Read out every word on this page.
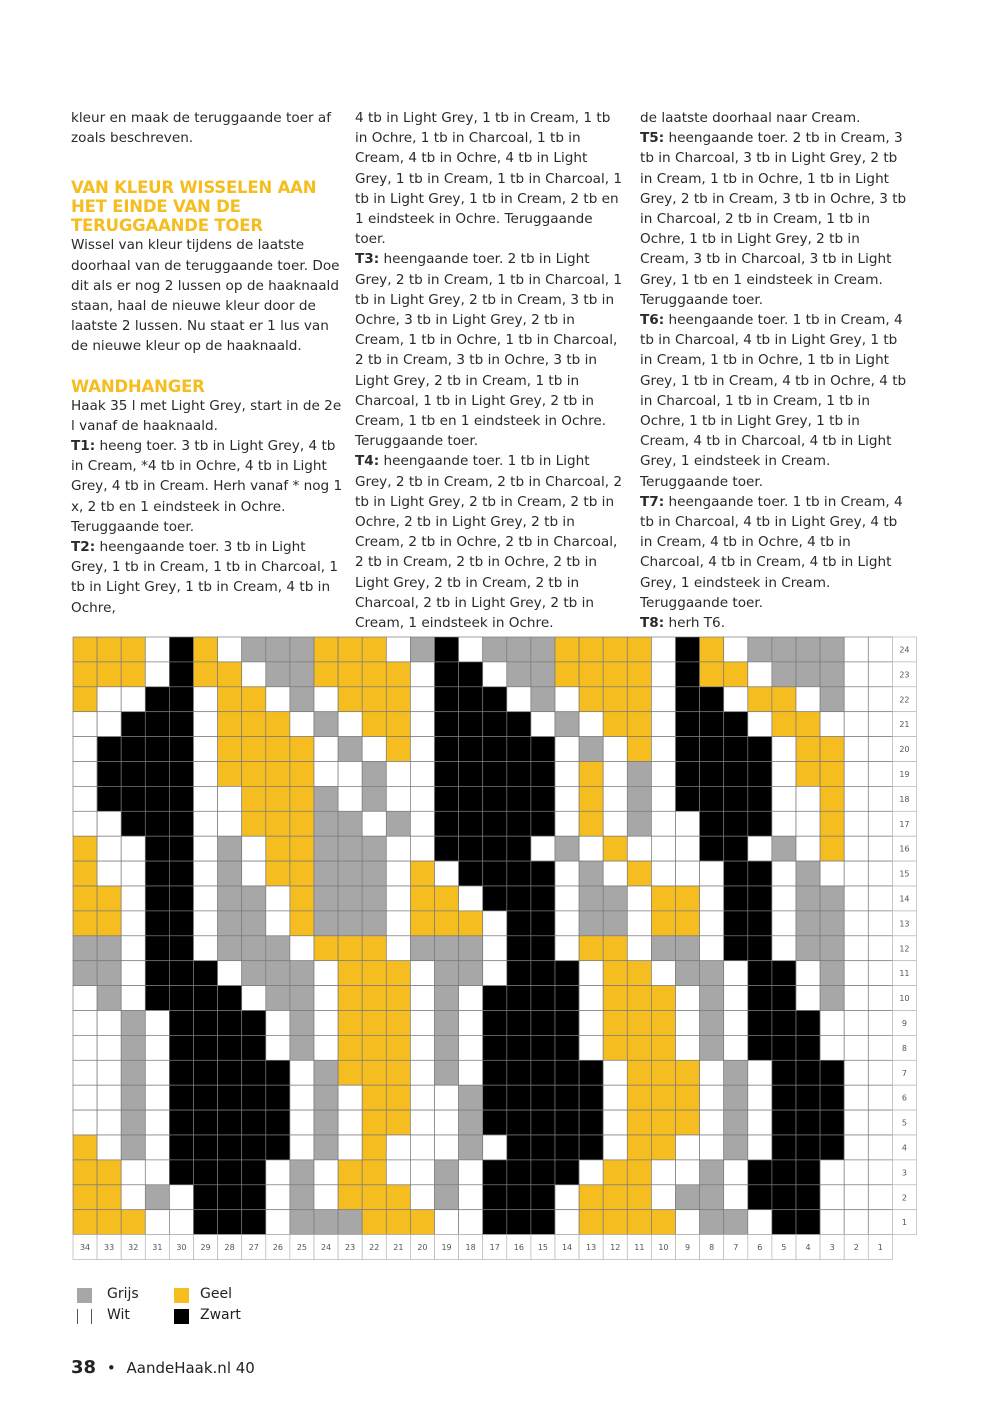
kleur en maak de teruggaande toer af zoals beschreven.

VAN KLEUR WISSELEN AAN HET EINDE VAN DE TERUGGAANDE TOER

Wissel van kleur tijdens de laatste doorhaal van de teruggaande toer. Doe dit als er nog 2 lussen op de haaknaald staan, haal de nieuwe kleur door de laatste 2 lussen. Nu staat er 1 lus van de nieuwe kleur op de haaknaald.

WANDHANGER

Haak 35 l met Light Grey, start in de 2e l vanaf de haaknaald.

T1: heeng toer. 3 tb in Light Grey, 4 tb in Cream, *4 tb in Ochre, 4 tb in Light Grey, 4 tb in Cream. Herh vanaf * nog 1 x, 2 tb en 1 eindsteek in Ochre. Teruggaande toer.

T2: heengaande toer. 3 tb in Light Grey, 1 tb in Cream, 1 tb in Charcoal, 1 tb in Light Grey, 1 tb in Cream, 4 tb in Ochre,

4 tb in Light Grey, 1 tb in Cream, 1 tb in Ochre, 1 tb in Charcoal, 1 tb in Cream, 4 tb in Ochre, 4 tb in Light Grey, 1 tb in Cream, 1 tb in Charcoal, 1 tb in Light Grey, 1 tb in Cream, 2 tb en 1 eindsteek in Ochre. Teruggaande toer.

T3: heengaande toer. 2 tb in Light Grey, 2 tb in Cream, 1 tb in Charcoal, 1 tb in Light Grey, 2 tb in Cream, 3 tb in Ochre, 3 tb in Light Grey, 2 tb in Cream, 1 tb in Ochre, 1 tb in Charcoal, 2 tb in Cream, 3 tb in Ochre, 3 tb in Light Grey, 2 tb in Cream, 1 tb in Charcoal, 1 tb in Light Grey, 2 tb in Cream, 1 tb en 1 eindsteek in Ochre. Teruggaande toer.

T4: heengaande toer. 1 tb in Light Grey, 2 tb in Cream, 2 tb in Charcoal, 2 tb in Light Grey, 2 tb in Cream, 2 tb in Ochre, 2 tb in Light Grey, 2 tb in Cream, 2 tb in Ochre, 2 tb in Charcoal, 2 tb in Cream, 2 tb in Ochre, 2 tb in Light Grey, 2 tb in Cream, 2 tb in Charcoal, 2 tb in Light Grey, 2 tb in Cream, 1 eindsteek in Ochre.

de laatste doorhaal naar Cream.

T5: heengaande toer. 2 tb in Cream, 3 tb in Charcoal, 3 tb in Light Grey, 2 tb in Cream, 1 tb in Ochre, 1 tb in Light Grey, 2 tb in Cream, 3 tb in Ochre, 3 tb in Charcoal, 2 tb in Cream, 1 tb in Ochre, 1 tb in Light Grey, 2 tb in Cream, 3 tb in Charcoal, 3 tb in Light Grey, 1 tb en 1 eindsteek in Cream. Teruggaande toer.

T6: heengaande toer. 1 tb in Cream, 4 tb in Charcoal, 4 tb in Light Grey, 1 tb in Cream, 1 tb in Ochre, 1 tb in Light Grey, 1 tb in Cream, 4 tb in Ochre, 4 tb in Charcoal, 1 tb in Cream, 1 tb in Ochre, 1 tb in Light Grey, 1 tb in Cream, 4 tb in Charcoal, 4 tb in Light Grey, 1 eindsteek in Cream. Teruggaande toer.

T7: heengaande toer. 1 tb in Cream, 4 tb in Charcoal, 4 tb in Light Grey, 4 tb in Cream, 4 tb in Ochre, 4 tb in Charcoal, 4 tb in Cream, 4 tb in Light Grey, 1 eindsteek in Cream. Teruggaande toer.

T8: herh T6.

24
23
22
21
20
19
18
17
16
15
14
13
12
11
10
9
8
7
6
5
4
3
2
1
34 33 32 31 30 29 28 27 26 25 24 23 22 21 20 19 18 17 16 15 14 13 12 11 10 9 8 7 6 5 4 3 2 1
Grijs	Geel
Wit	Zwart
38 • AandeHaak.nl 40
